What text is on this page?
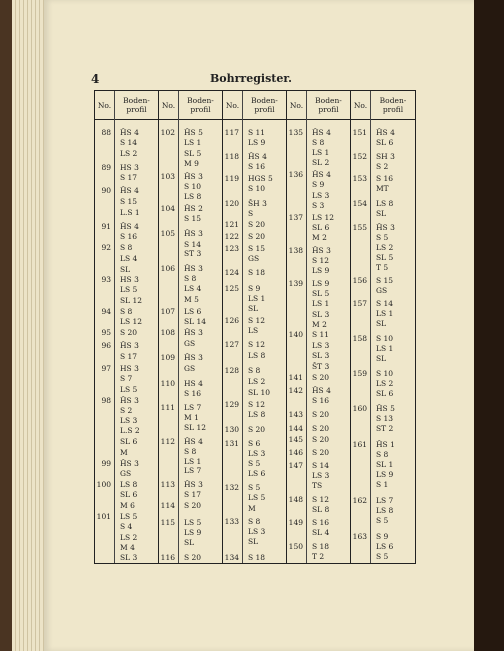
4	Bohrregister.
No.
88
89
90
91
92
93
94
95
96
97
98
99
100
101
Boden-
profil
ĤS 4
S 14
LS 2
HS 3
S 17
ĤS 4
S 15
L.S 1
ĤS 4
S 16
S 8
LS 4
SL
HS 3
LS 5
SL 12
S 8
LS 12
S 20
ĤS 3
S 17
HS 3
S 7
LS 5
ĤS 3
S 2
LS 3
L.S 2
SL 6
M
ĤS 3
GS
LS 8
SL 6
M 6
LS 5
S 4
LS 2
M 4
SL 3
No.
102
103
104
105
106
107
108
109
110
111
112
113
114
115
116
Boden-
profil
ĤS 5
LS 1
SL 5
M 9
ĤS 3
S 10
LS 8
ĤS 2
S 15
ĤS 3
S 14
ST 3
ĤS 3
S 8
LS 4
M 5
LS 6
SL 14
ĤS 3
GS
ĤS 3
GS
HS 4
S 16
LS 7
M 1
SL 12
ĤS 4
S 8
LS 1
LS 7
ĤS 3
S 17
S 20
LS 5
LS 9
SL
S 20
No.
117
118
119
120
121
122
123
124
125
126
127
128
129
130
131
132
133
134
Boden-
profil
S 11
LS 9
ĤS 4
S 16
HGS 5
S 10
ŜH 3
S
S 20
S 20
S 15
GS
S 18
S 9
LS 1
SL
S 12
LS
S 12
LS 8
S 8
LS 2
SL 10
S 12
LS 8
S 20
S 6
LS 3
S 5
LS 6
S 5
LS 5
M
S 8
LS 3
SL
S 18
No.
135
136
137
138
139
140
141
142
143
144
145
146
147
148
149
150
Boden-
profil
ĤS 4
S 8
LS 1
SL 2
ĤS 4
S 9
LS 3
S 3
LS 12
SL 6
M 2
ĤS 3
S 12
LS 9
LS 9
SL 5
LS 1
SL 3
M 2
S 11
LS 3
SL 3
ŜT 3
S 20
ĤS 4
S 16
S 20
S 20
S 20
S 20
S 14
LS 3
TS
S 12
SL 8
S 16
SL 4
S 18
T 2
No.
151
152
153
154
155
156
157
158
159
160
161
162
163
Boden-
profil
ĤS 4
SL 6
SH 3
S 2
S 16
MT
LS 8
SL
ĤS 3
S 5
LS 2
SL 5
T 5
S 15
GS
S 14
LS 1
SL
S 10
LS 1
SL
S 10
LS 2
SL 6
ĤS 5
S 13
ST 2
ĤS 1
S 8
SL 1
LS 9
S 1
LS 7
LS 8
S 5
S 9
LS 6
S 5
